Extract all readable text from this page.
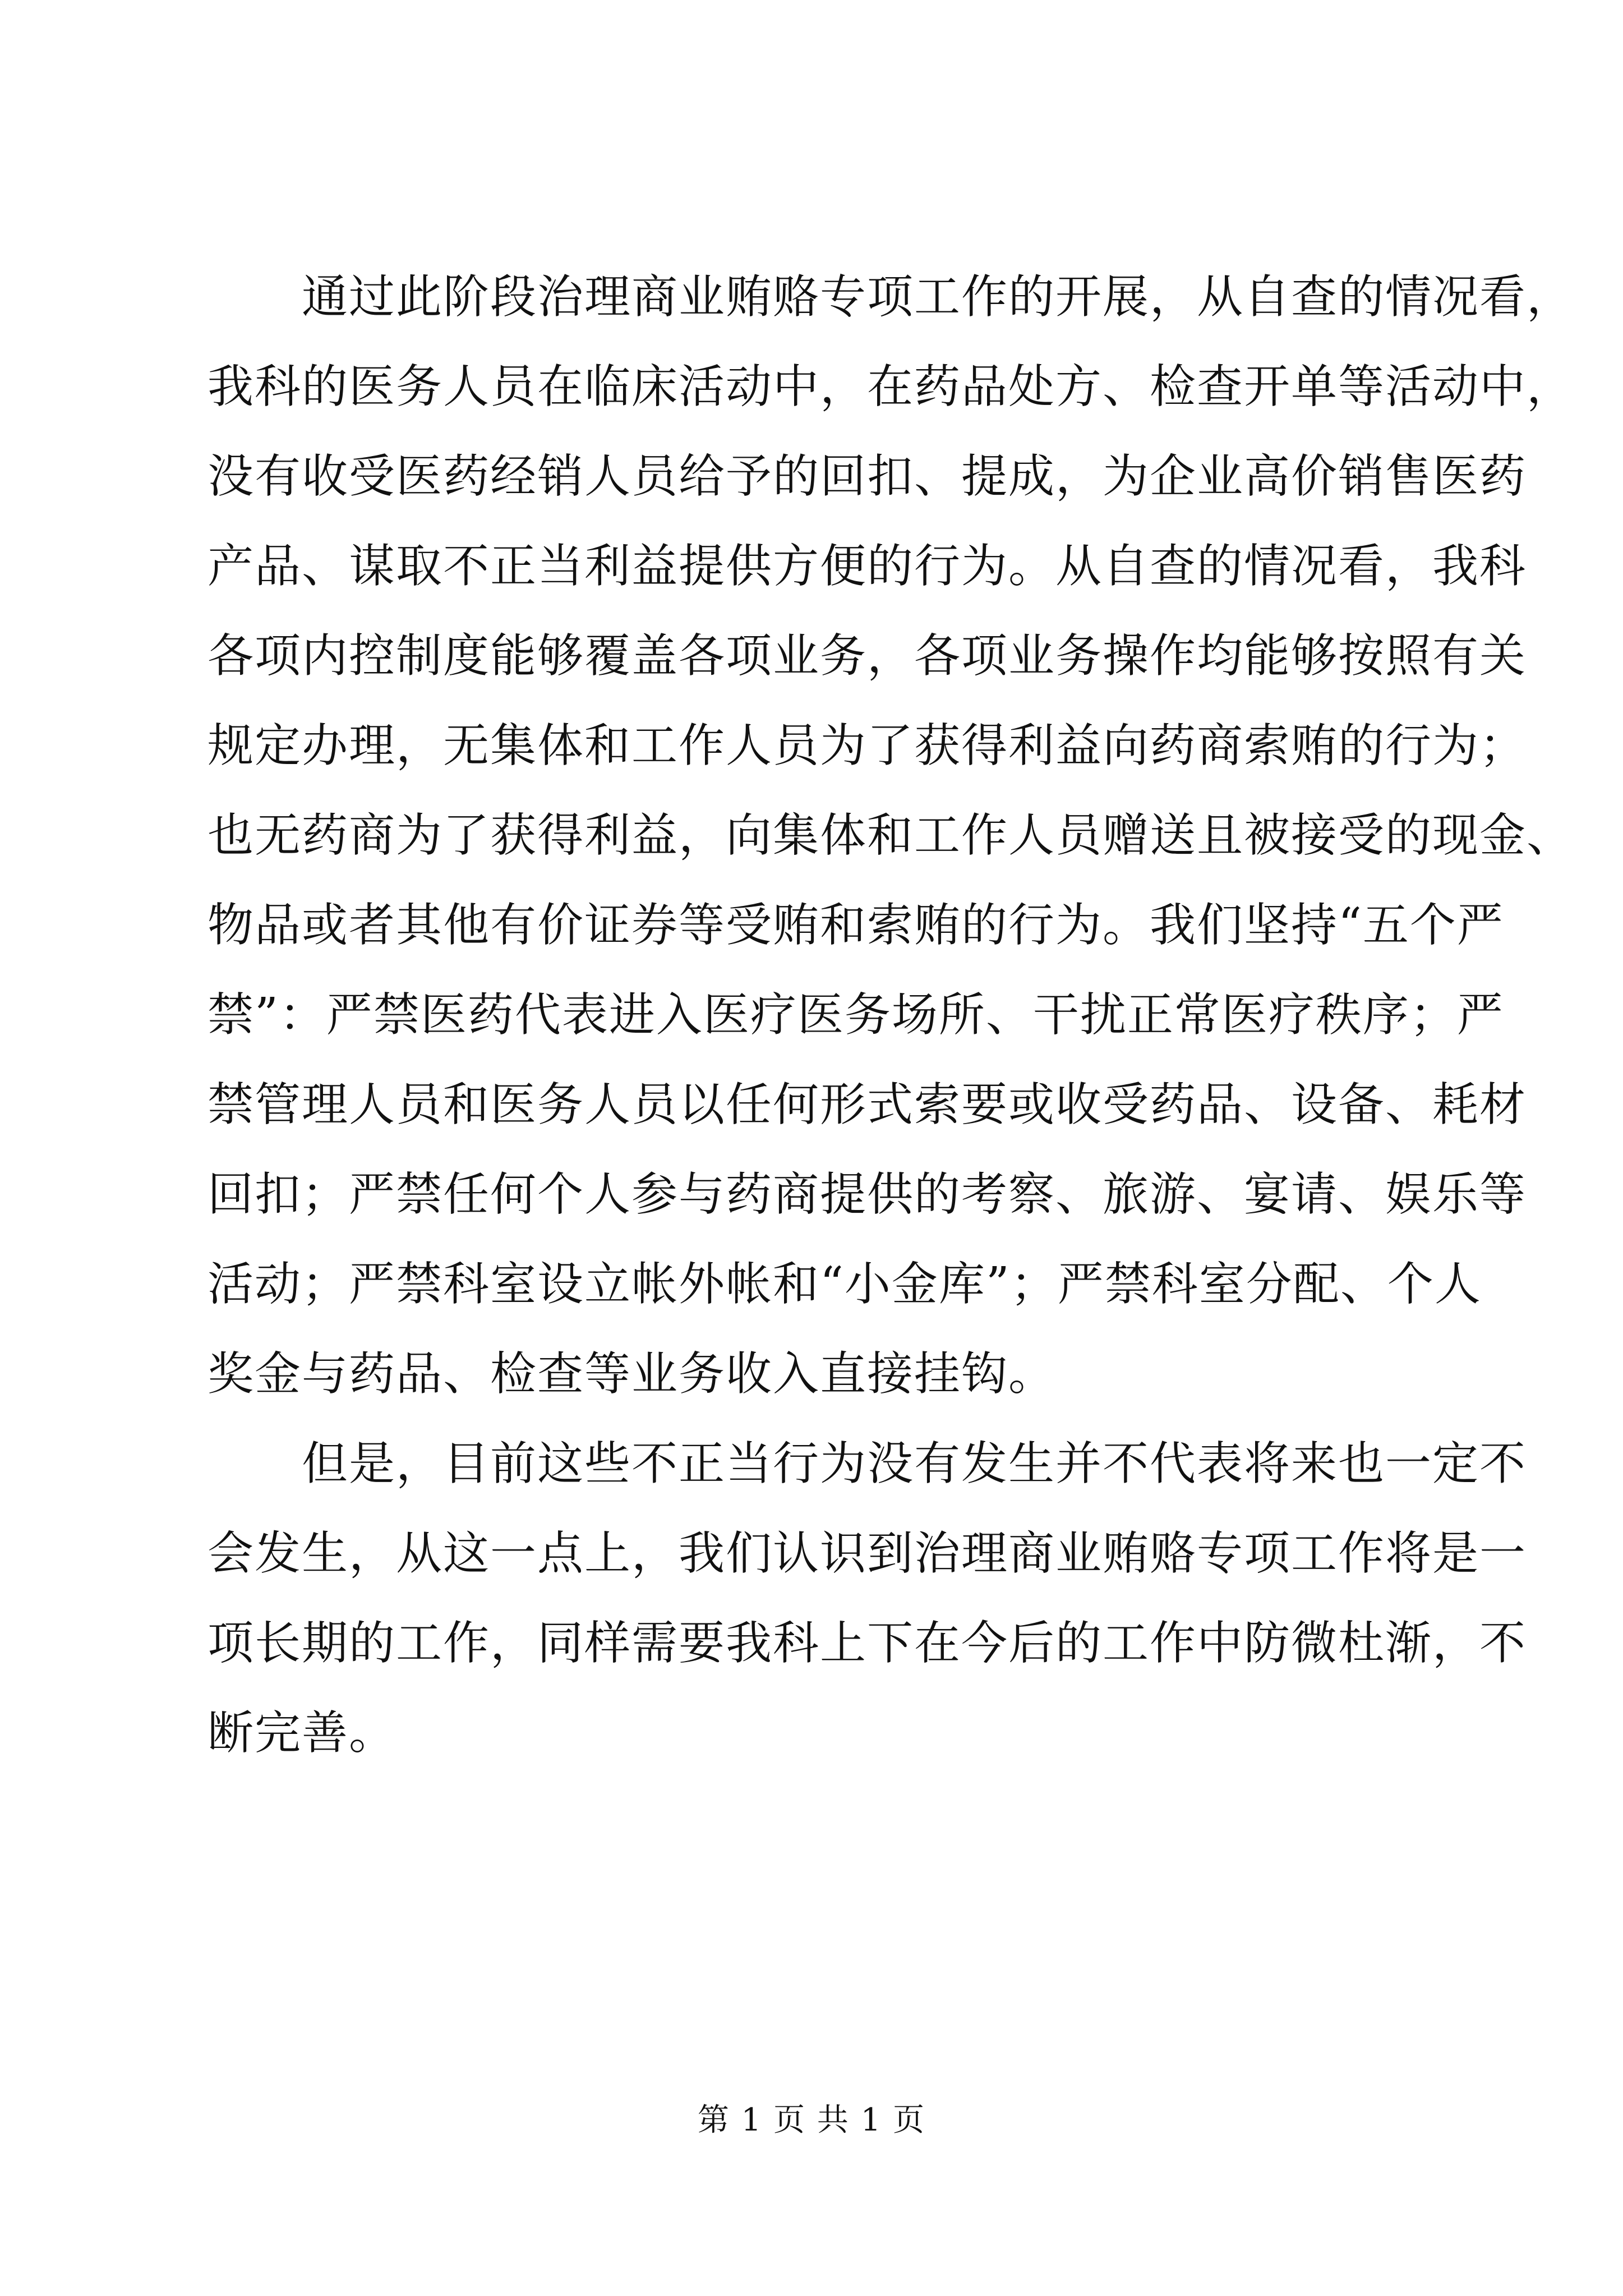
　　通过此阶段治理商业贿赂专项工作的开展，从自查的情况看，
我科的医务人员在临床活动中，在药品处方、检查开单等活动中，
没有收受医药经销人员给予的回扣、提成，为企业高价销售医药
产品、谋取不正当利益提供方便的行为。从自查的情况看，我科
各项内控制度能够覆盖各项业务，各项业务操作均能够按照有关
规定办理，无集体和工作人员为了获得利益向药商索贿的行为；
也无药商为了获得利益，向集体和工作人员赠送且被接受的现金、
物品或者其他有价证券等受贿和索贿的行为。我们坚持“五个严
禁”：严禁医药代表进入医疗医务场所、干扰正常医疗秩序；严
禁管理人员和医务人员以任何形式索要或收受药品、设备、耗材
回扣；严禁任何个人参与药商提供的考察、旅游、宴请、娱乐等
活动；严禁科室设立帐外帐和“小金库”；严禁科室分配、个人
奖金与药品、检查等业务收入直接挂钩。
　　但是，目前这些不正当行为没有发生并不代表将来也一定不
会发生，从这一点上，我们认识到治理商业贿赂专项工作将是一
项长期的工作，同样需要我科上下在今后的工作中防微杜渐，不
断完善。
第 1 页 共 1 页
